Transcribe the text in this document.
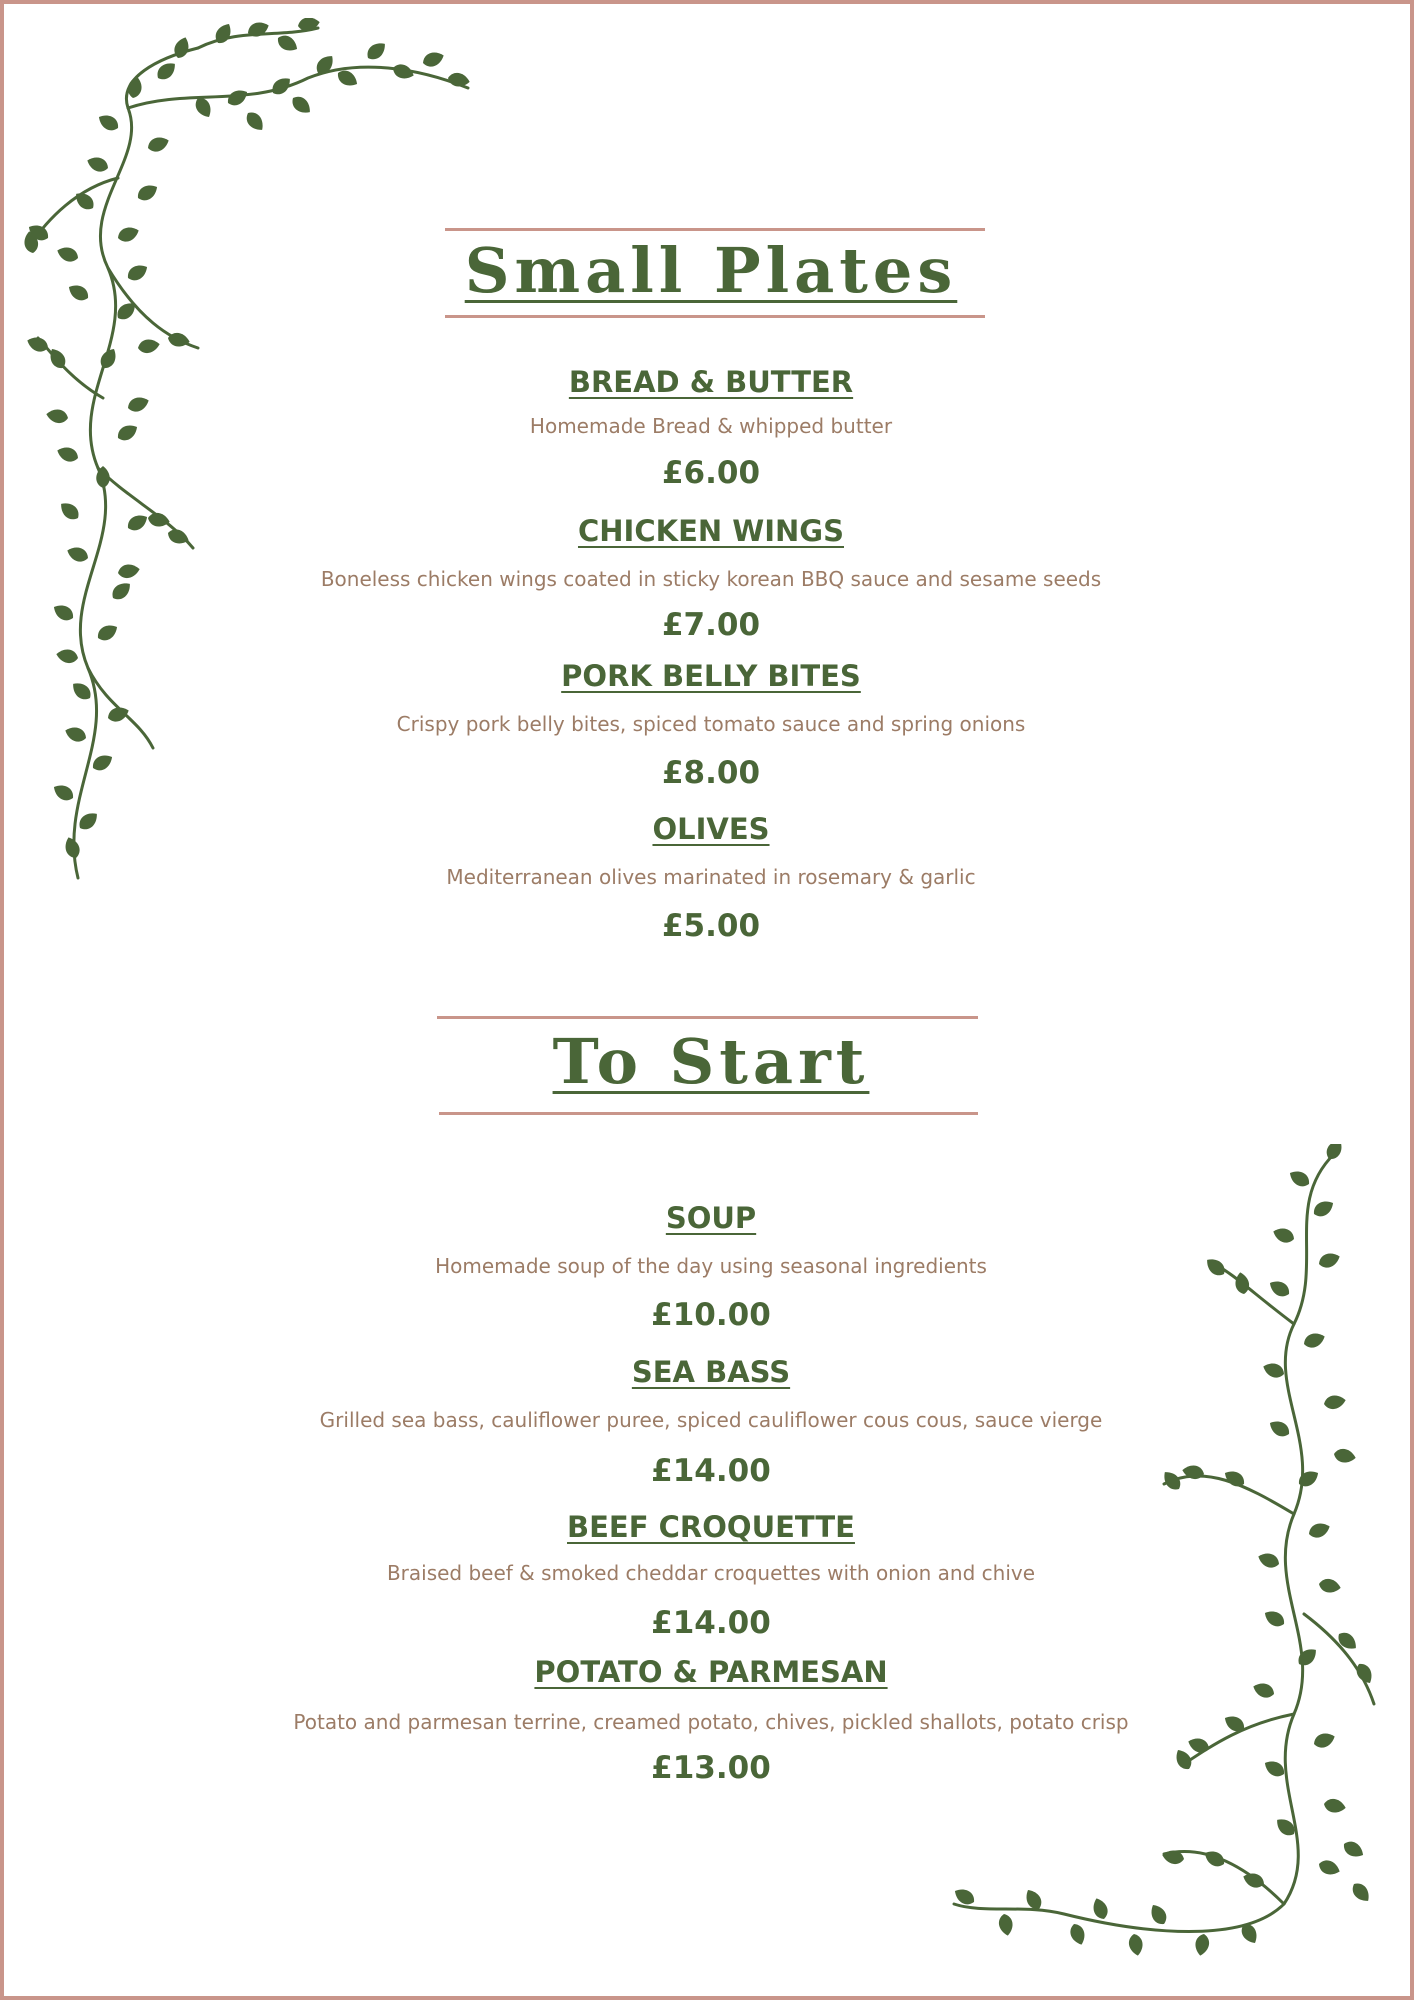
Small Plates
BREAD & BUTTER
Homemade Bread & whipped butter
£6.00
CHICKEN WINGS
Boneless chicken wings coated in sticky korean BBQ sauce and sesame seeds
£7.00
PORK BELLY BITES
Crispy pork belly bites, spiced tomato sauce and spring onions
£8.00
OLIVES
Mediterranean olives marinated in rosemary & garlic
£5.00
To Start
SOUP
Homemade soup of the day using seasonal ingredients
£10.00
SEA BASS
Grilled sea bass, cauliflower puree, spiced cauliflower cous cous, sauce vierge
£14.00
BEEF CROQUETTE
Braised beef & smoked cheddar croquettes with onion and chive
£14.00
POTATO & PARMESAN
Potato and parmesan terrine, creamed potato, chives, pickled shallots, potato crisp
£13.00
